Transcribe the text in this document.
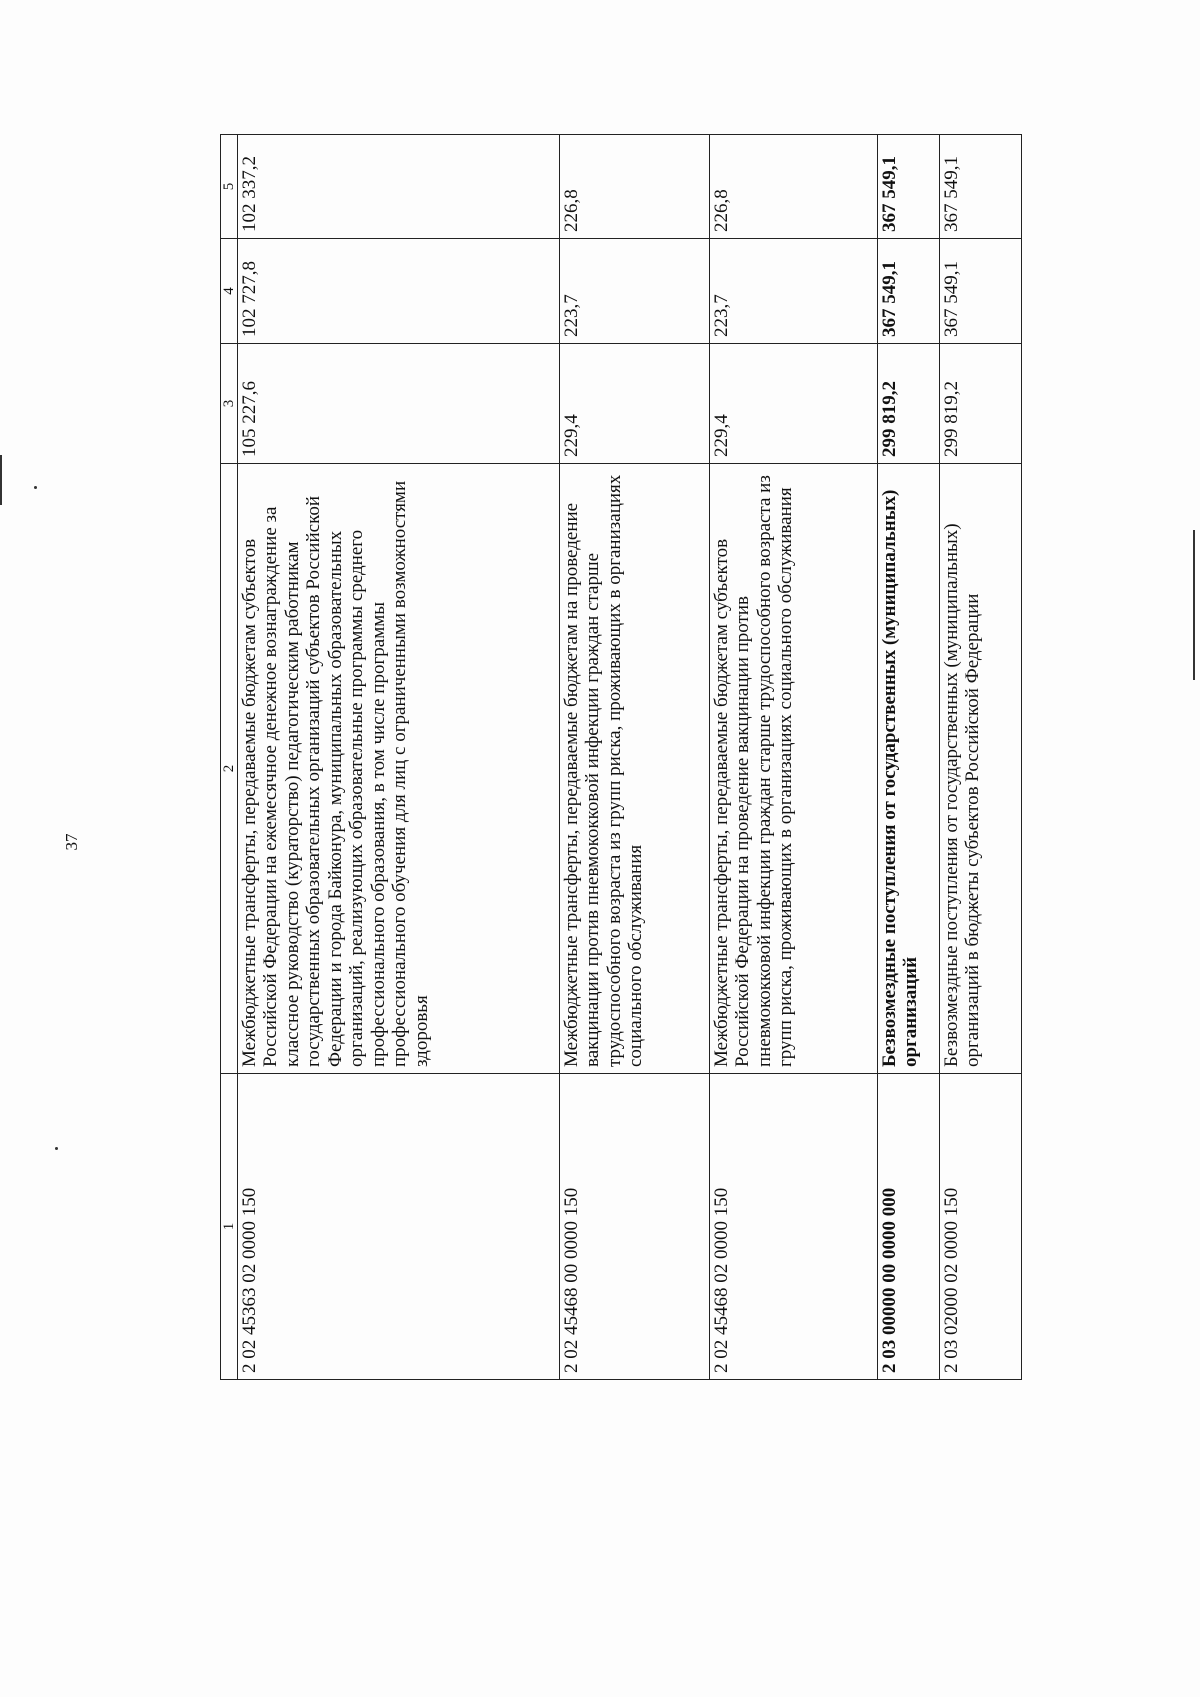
37
1	2	3	4	5
2 02 45363 02 0000 150	Межбюджетные трансферты, передаваемые бюджетам субъектов Российской Федерации на ежемесячное денежное вознаграждение за классное руководство (кураторство) педагогическим работникам государственных образовательных организаций субъектов Российской Федерации и города Байконура, муниципальных образовательных организаций, реализующих образовательные программы среднего профессионального образования, в том числе программы профессионального обучения для лиц с ограниченными возможностями здоровья	105 227,6	102 727,8	102 337,2
2 02 45468 00 0000 150	Межбюджетные трансферты, передаваемые бюджетам на проведение вакцинации против пневмококковой инфекции граждан старше трудоспособного возраста из групп риска, проживающих в организациях социального обслуживания	229,4	223,7	226,8
2 02 45468 02 0000 150	Межбюджетные трансферты, передаваемые бюджетам субъектов Российской Федерации на проведение вакцинации против пневмококковой инфекции граждан старше трудоспособного возраста из групп риска, проживающих в организациях социального обслуживания	229,4	223,7	226,8
2 03 00000 00 0000 000	Безвозмездные поступления от государственных (муниципальных) организаций	299 819,2	367 549,1	367 549,1
2 03 02000 02 0000 150	Безвозмездные поступления от государственных (муниципальных) организаций в бюджеты субъектов Российской Федерации	299 819,2	367 549,1	367 549,1
